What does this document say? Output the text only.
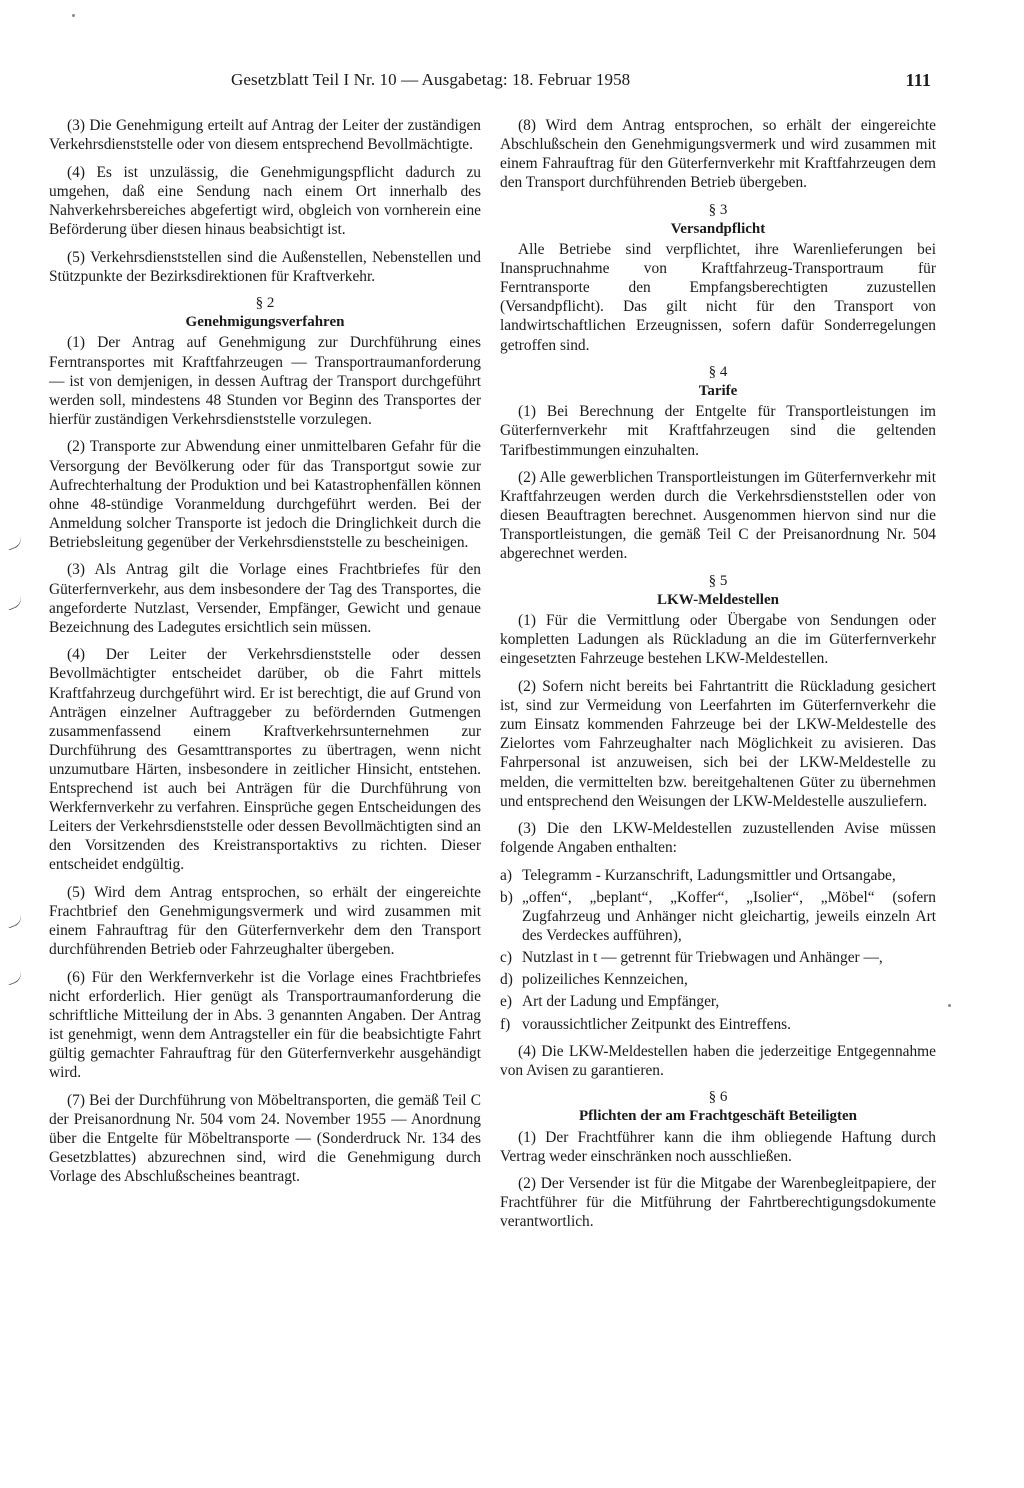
Gesetzblatt Teil I Nr. 10 — Ausgabetag: 18. Februar 1958	111

(3) Die Genehmigung erteilt auf Antrag der Leiter der zuständigen Verkehrsdienststelle oder von diesem entsprechend Bevollmächtigte.

(4) Es ist unzulässig, die Genehmigungspflicht dadurch zu umgehen, daß eine Sendung nach einem Ort innerhalb des Nahverkehrsbereiches abgefertigt wird, obgleich von vornherein eine Beförderung über diesen hinaus beabsichtigt ist.

(5) Verkehrsdienststellen sind die Außenstellen, Nebenstellen und Stützpunkte der Bezirksdirektionen für Kraftverkehr.

§ 2
Genehmigungsverfahren

(1) Der Antrag auf Genehmigung zur Durchführung eines Ferntransportes mit Kraftfahrzeugen — Transportraumanforderung — ist von demjenigen, in dessen Auftrag der Transport durchgeführt werden soll, mindestens 48 Stunden vor Beginn des Transportes der hierfür zuständigen Verkehrsdienststelle vorzulegen.

(2) Transporte zur Abwendung einer unmittelbaren Gefahr für die Versorgung der Bevölkerung oder für das Transportgut sowie zur Aufrechterhaltung der Produktion und bei Katastrophenfällen können ohne 48-stündige Voranmeldung durchgeführt werden. Bei der Anmeldung solcher Transporte ist jedoch die Dringlichkeit durch die Betriebsleitung gegenüber der Verkehrsdienststelle zu bescheinigen.

(3) Als Antrag gilt die Vorlage eines Frachtbriefes für den Güterfernverkehr, aus dem insbesondere der Tag des Transportes, die angeforderte Nutzlast, Versender, Empfänger, Gewicht und genaue Bezeichnung des Ladegutes ersichtlich sein müssen.

(4) Der Leiter der Verkehrsdienststelle oder dessen Bevollmächtigter entscheidet darüber, ob die Fahrt mittels Kraftfahrzeug durchgeführt wird. Er ist berechtigt, die auf Grund von Anträgen einzelner Auftraggeber zu befördernden Gutmengen zusammenfassend einem Kraftverkehrsunternehmen zur Durchführung des Gesamttransportes zu übertragen, wenn nicht unzumutbare Härten, insbesondere in zeitlicher Hinsicht, entstehen. Entsprechend ist auch bei Anträgen für die Durchführung von Werkfernverkehr zu verfahren. Einsprüche gegen Entscheidungen des Leiters der Verkehrsdienststelle oder dessen Bevollmächtigten sind an den Vorsitzenden des Kreistransportaktivs zu richten. Dieser entscheidet endgültig.

(5) Wird dem Antrag entsprochen, so erhält der eingereichte Frachtbrief den Genehmigungsvermerk und wird zusammen mit einem Fahrauftrag für den Güterfernverkehr dem den Transport durchführenden Betrieb oder Fahrzeughalter übergeben.

(6) Für den Werkfernverkehr ist die Vorlage eines Frachtbriefes nicht erforderlich. Hier genügt als Transportraumanforderung die schriftliche Mitteilung der in Abs. 3 genannten Angaben. Der Antrag ist genehmigt, wenn dem Antragsteller ein für die beabsichtigte Fahrt gültig gemachter Fahrauftrag für den Güterfernverkehr ausgehändigt wird.

(7) Bei der Durchführung von Möbeltransporten, die gemäß Teil C der Preisanordnung Nr. 504 vom 24. November 1955 — Anordnung über die Entgelte für Möbeltransporte — (Sonderdruck Nr. 134 des Gesetzblattes) abzurechnen sind, wird die Genehmigung durch Vorlage des Abschlußscheines beantragt.

(8) Wird dem Antrag entsprochen, so erhält der eingereichte Abschlußschein den Genehmigungsvermerk und wird zusammen mit einem Fahrauftrag für den Güterfernverkehr mit Kraftfahrzeugen dem den Transport durchführenden Betrieb übergeben.

§ 3
Versandpflicht

Alle Betriebe sind verpflichtet, ihre Warenlieferungen bei Inanspruchnahme von Kraftfahrzeug-Transportraum für Ferntransporte den Empfangsberechtigten zuzustellen (Versandpflicht). Das gilt nicht für den Transport von landwirtschaftlichen Erzeugnissen, sofern dafür Sonderregelungen getroffen sind.

§ 4
Tarife

(1) Bei Berechnung der Entgelte für Transportleistungen im Güterfernverkehr mit Kraftfahrzeugen sind die geltenden Tarifbestimmungen einzuhalten.

(2) Alle gewerblichen Transportleistungen im Güterfernverkehr mit Kraftfahrzeugen werden durch die Verkehrsdienststellen oder von diesen Beauftragten berechnet. Ausgenommen hiervon sind nur die Transportleistungen, die gemäß Teil C der Preisanordnung Nr. 504 abgerechnet werden.

§ 5
LKW-Meldestellen

(1) Für die Vermittlung oder Übergabe von Sendungen oder kompletten Ladungen als Rückladung an die im Güterfernverkehr eingesetzten Fahrzeuge bestehen LKW-Meldestellen.

(2) Sofern nicht bereits bei Fahrtantritt die Rückladung gesichert ist, sind zur Vermeidung von Leerfahrten im Güterfernverkehr die zum Einsatz kommenden Fahrzeuge bei der LKW-Meldestelle des Zielortes vom Fahrzeughalter nach Möglichkeit zu avisieren. Das Fahrpersonal ist anzuweisen, sich bei der LKW-Meldestelle zu melden, die vermittelten bzw. bereitgehaltenen Güter zu übernehmen und entsprechend den Weisungen der LKW-Meldestelle auszuliefern.

(3) Die den LKW-Meldestellen zuzustellenden Avise müssen folgende Angaben enthalten:

a) Telegramm - Kurzanschrift, Ladungsmittler und Ortsangabe,
b) „offen“, „beplant“, „Koffer“, „Isolier“, „Möbel“ (sofern Zugfahrzeug und Anhänger nicht gleichartig, jeweils einzeln Art des Verdeckes aufführen),
c) Nutzlast in t — getrennt für Triebwagen und Anhänger —,
d) polizeiliches Kennzeichen,
e) Art der Ladung und Empfänger,
f) voraussichtlicher Zeitpunkt des Eintreffens.

(4) Die LKW-Meldestellen haben die jederzeitige Entgegennahme von Avisen zu garantieren.

§ 6
Pflichten der am Frachtgeschäft Beteiligten

(1) Der Frachtführer kann die ihm obliegende Haftung durch Vertrag weder einschränken noch ausschließen.

(2) Der Versender ist für die Mitgabe der Warenbegleitpapiere, der Frachtführer für die Mitführung der Fahrtberechtigungsdokumente verantwortlich.
